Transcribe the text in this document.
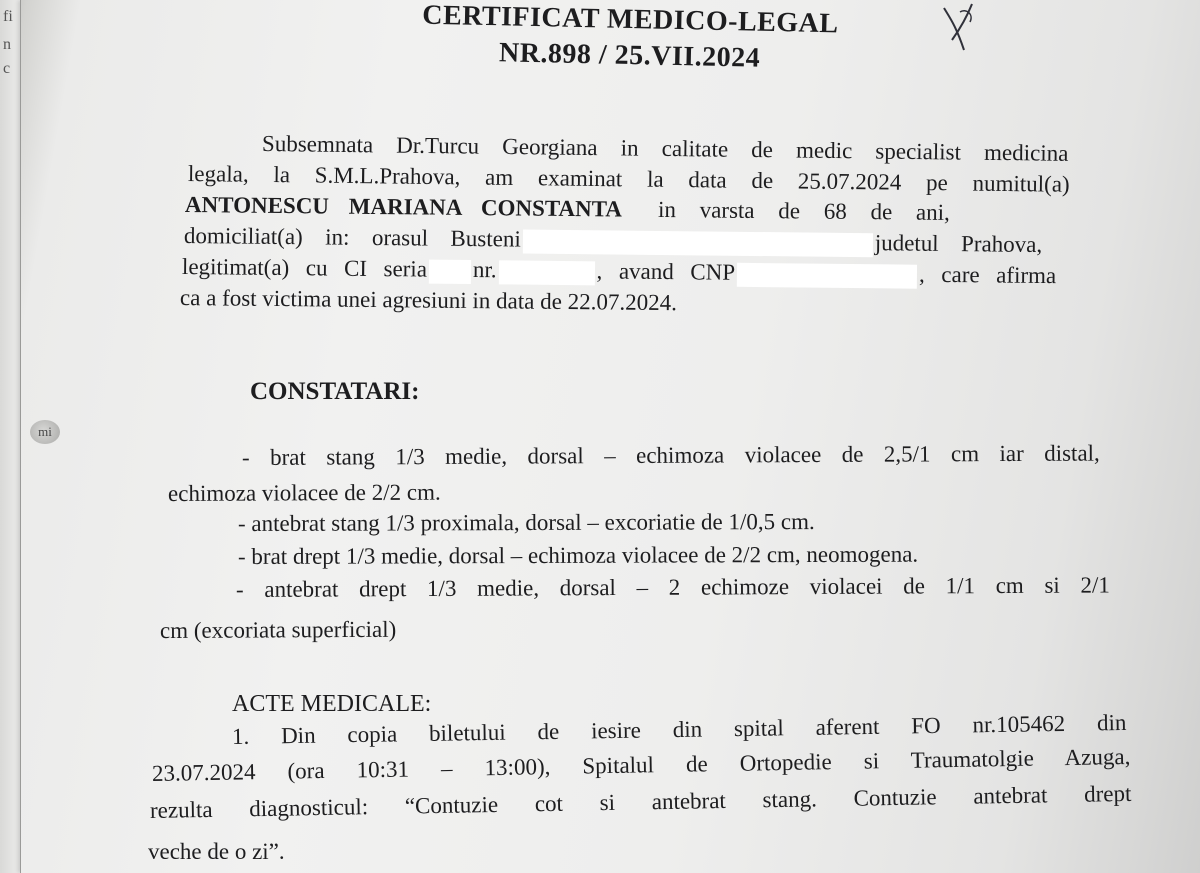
fi
n
c
mi
CERTIFICAT MEDICO-LEGAL
NR.898 / 25.VII.2024
Subsemnata Dr.Turcu Georgiana in calitate de medic specialist medicina
legala, la S.M.L.Prahova, am examinat la data de 25.07.2024 pe numitul(a)
ANTONESCU MARIANA CONSTANTA in varsta de 68 de ani,
domiciliat(a) in: orasul Busteni	judetul Prahova,
legitimat(a) cu CI seria nr.	, avand CNP	, care afirma
ca a fost victima unei agresiuni in data de 22.07.2024.
CONSTATARI:
- brat stang 1/3 medie, dorsal – echimoza violacee de 2,5/1 cm iar distal,
echimoza violacee de 2/2 cm.
- antebrat stang 1/3 proximala, dorsal – excoriatie de 1/0,5 cm.
- brat drept 1/3 medie, dorsal – echimoza violacee de 2/2 cm, neomogena.
- antebrat drept 1/3 medie, dorsal – 2 echimoze violacei de 1/1 cm si 2/1
cm (excoriata superficial)
ACTE MEDICALE:
1. Din copia biletului de iesire din spital aferent FO nr.105462 din
23.07.2024 (ora 10:31 – 13:00), Spitalul de Ortopedie si Traumatolgie Azuga,
rezulta diagnosticul: “Contuzie cot si antebrat stang. Contuzie antebrat drept
veche de o zi”.
